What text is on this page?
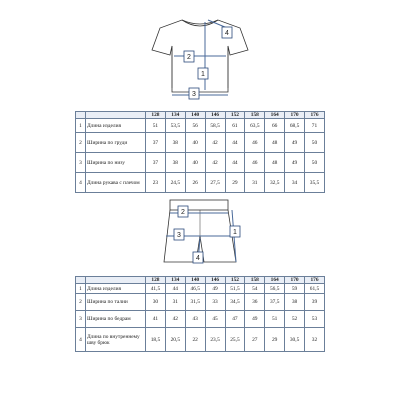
1
2
3
4
1
2
3
4
		128	134	140	146	152	158	164	170	176
1	Длина изделия	51	53,5	56	58,5	61	63,5	66	68,5	71
2	Ширина по груди	37	38	40	42	44	46	48	49	50
3	Ширина по низу	37	38	40	42	44	46	48	49	50
4	Длина рукава с плечом	23	24,5	26	27,5	29	31	32,5	34	35,5
		128	134	140	146	152	158	164	170	176
1	Длина изделия	41,5	44	46,5	49	51,5	54	56,5	59	61,5
2	Ширина по талии	30	31	31,5	33	34,5	36	37,5	38	39
3	Ширина по бедрам	41	42	43	45	47	49	51	52	53
4	Длина по внутреннему шву брюк	18,5	20,5	22	23,5	25,5	27	29	30,5	32
